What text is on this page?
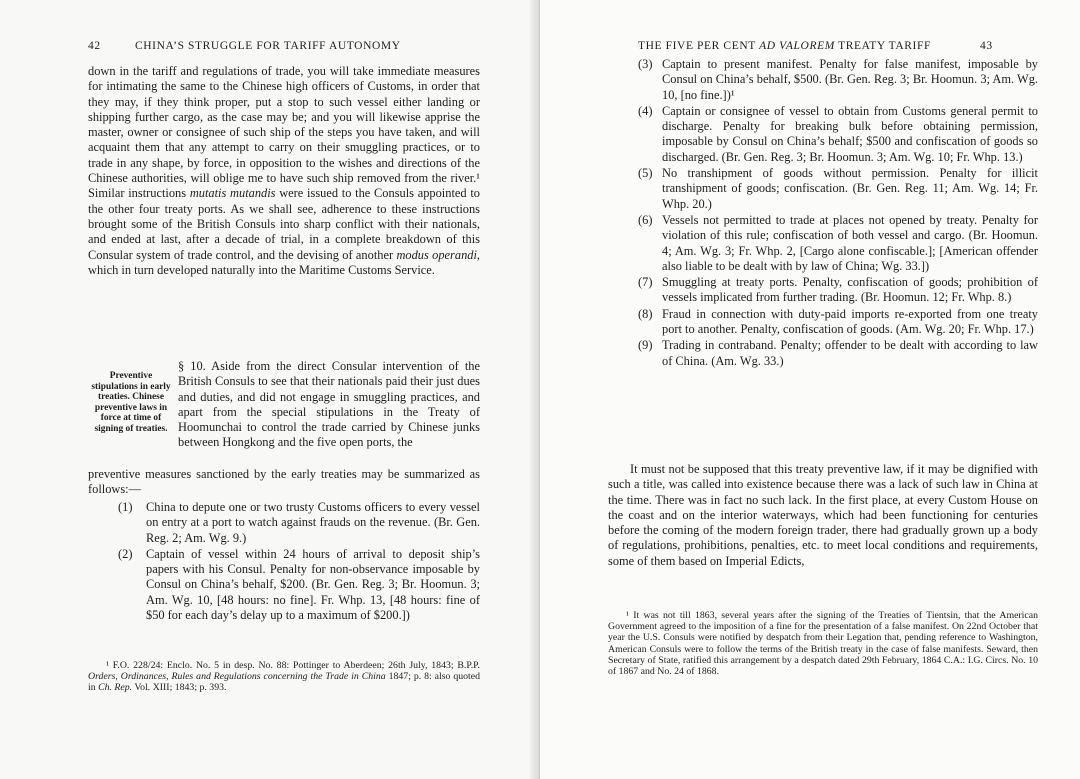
42	CHINA’S STRUGGLE FOR TARIFF AUTONOMY

down in the tariff and regulations of trade, you will take immediate measures for intimating the same to the Chinese high officers of Customs, in order that they may, if they think proper, put a stop to such vessel either landing or shipping further cargo, as the case may be; and you will likewise apprise the master, owner or consignee of such ship of the steps you have taken, and will acquaint them that any attempt to carry on their smuggling practices, or to trade in any shape, by force, in opposition to the wishes and directions of the Chinese authorities, will oblige me to have such ship removed from the river.¹ Similar instructions mutatis mutandis were issued to the Consuls appointed to the other four treaty ports. As we shall see, adherence to these instructions brought some of the British Consuls into sharp conflict with their nationals, and ended at last, after a decade of trial, in a complete breakdown of this Consular system of trade control, and the devising of another modus operandi, which in turn developed naturally into the Maritime Customs Service.

Preventive stipulations in early treaties. Chinese preventive laws in force at time of signing of treaties.
§ 10. Aside from the direct Consular intervention of the British Consuls to see that their nationals paid their just dues and duties, and did not engage in smuggling practices, and apart from the special stipulations in the Treaty of Hoomunchai to control the trade carried by Chinese junks between Hongkong and the five open ports, the
preventive measures sanctioned by the early treaties may be summarized as follows:—
(1)	China to depute one or two trusty Customs officers to every vessel on entry at a port to watch against frauds on the revenue. (Br. Gen. Reg. 2; Am. Wg. 9.)
(2)	Captain of vessel within 24 hours of arrival to deposit ship’s papers with his Consul. Penalty for non-observance imposable by Consul on China’s behalf, $200. (Br. Gen. Reg. 3; Br. Hoomun. 3; Am. Wg. 10, [48 hours: no fine]. Fr. Whp. 13, [48 hours: fine of $50 for each day’s delay up to a maximum of $200.])
¹ F.O. 228/24: Enclo. No. 5 in desp. No. 88: Pottinger to Aberdeen; 26th July, 1843; B.P.P. Orders, Ordinances, Rules and Regulations concerning the Trade in China 1847; p. 8: also quoted in Ch. Rep. Vol. XIII; 1843; p. 393.
THE FIVE PER CENT AD VALOREM TREATY TARIFF	43
(3) Captain to present manifest. Penalty for false manifest, imposable by Consul on China’s behalf, $500. (Br. Gen. Reg. 3; Br. Hoomun. 3; Am. Wg. 10, [no fine.])¹
(4) Captain or consignee of vessel to obtain from Customs general permit to discharge. Penalty for breaking bulk before obtaining permission, imposable by Consul on China’s behalf; $500 and confiscation of goods so discharged. (Br. Gen. Reg. 3; Br. Hoomun. 3; Am. Wg. 10; Fr. Whp. 13.)
(5) No transhipment of goods without permission. Penalty for illicit transhipment of goods; confiscation. (Br. Gen. Reg. 11; Am. Wg. 14; Fr. Whp. 20.)
(6) Vessels not permitted to trade at places not opened by treaty. Penalty for violation of this rule; confiscation of both vessel and cargo. (Br. Hoomun. 4; Am. Wg. 3; Fr. Whp. 2, [Cargo alone confiscable.]; [American offender also liable to be dealt with by law of China; Wg. 33.])
(7) Smuggling at treaty ports. Penalty, confiscation of goods; prohibition of vessels implicated from further trading. (Br. Hoomun. 12; Fr. Whp. 8.)
(8) Fraud in connection with duty-paid imports re-exported from one treaty port to another. Penalty, confiscation of goods. (Am. Wg. 20; Fr. Whp. 17.)
(9) Trading in contraband. Penalty; offender to be dealt with according to law of China. (Am. Wg. 33.)

It must not be supposed that this treaty preventive law, if it may be dignified with such a title, was called into existence because there was a lack of such law in China at the time. There was in fact no such lack. In the first place, at every Custom House on the coast and on the interior waterways, which had been functioning for centuries before the coming of the modern foreign trader, there had gradually grown up a body of regulations, prohibitions, penalties, etc. to meet local conditions and requirements, some of them based on Imperial Edicts,

¹ It was not till 1863, several years after the signing of the Treaties of Tientsin, that the American Government agreed to the imposition of a fine for the presentation of a false manifest. On 22nd October that year the U.S. Consuls were notified by despatch from their Legation that, pending reference to Washington, American Consuls were to follow the terms of the British treaty in the case of false manifests. Seward, then Secretary of State, ratified this arrangement by a despatch dated 29th February, 1864 C.A.: I.G. Circs. No. 10 of 1867 and No. 24 of 1868.
